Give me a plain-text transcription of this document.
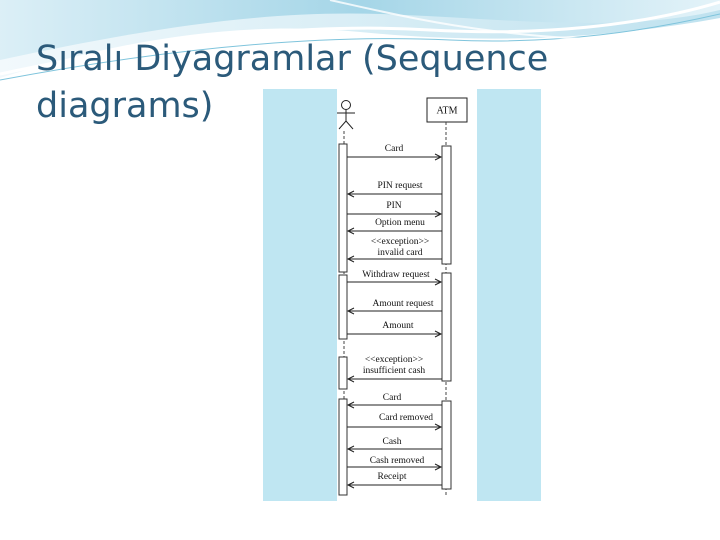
Sıralı Diyagramlar (Sequence
diagrams)	ATM
Card
PIN request
PIN
Option menu
<<exception>>
invalid card
Withdraw request
Amount request
Amount
<<exception>>
insufficient cash
Card
Card removed
Cash
Cash removed
Receipt
